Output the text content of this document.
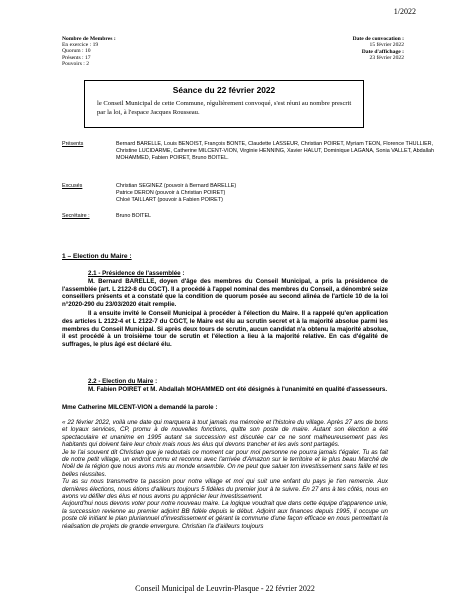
1/2022
Nombre de Membres :
En exercice : 19
Quorum : 10
Présents : 17
Pouvoirs : 2
Date de convocation :
15 février 2022
Date d'affichage :
23 février 2022
Séance du 22 février 2022
le Conseil Municipal de cette Commune, régulièrement convoqué, s'est réuni au nombre prescrit par la loi, à l'espace Jacques Rousseau.
Présents	Bernard BARELLE, Louis BENOIST, François BONTE, Claudette LASSEUR, Christian POIRET, Myriam TEON, Florence THULLIER, Christine LUCIDARME, Catherine MILCENT-VION, Virginie HENNING, Xavier HALUT, Dominique LAGANA, Sonia VALLET, Abdallah MOHAMMED, Fabien POIRET, Bruno BOITEL.
Excusés	Christian SEGINEZ (pouvoir à Bernard BARELLE)
Patrice DERON (pouvoir à Christian POIRET)
Chloé TAILLART (pouvoir à Fabien POIRET)
Secrétaire :	Bruno BOITEL
1 – Election du Maire :
2.1 - Présidence de l'assemblée :
M. Bernard BARELLE, doyen d'âge des membres du Conseil Municipal, a pris la présidence de l'assemblée (art. L 2122-8 du CGCT). Il a procédé à l'appel nominal des membres du Conseil, a dénombré seize conseillers présents et a constaté que la condition de quorum posée au second alinéa de l'article 10 de la loi n°2020-290 du 23/03/2020 était remplie.
Il a ensuite invité le Conseil Municipal à procéder à l'élection du Maire. Il a rappelé qu'en application des articles L 2122-4 et L 2122-7 du CGCT, le Maire est élu au scrutin secret et à la majorité absolue parmi les membres du Conseil Municipal. Si après deux tours de scrutin, aucun candidat n'a obtenu la majorité absolue, il est procédé à un troisième tour de scrutin et l'élection a lieu à la majorité relative. En cas d'égalité de suffrages, le plus âgé est déclaré élu.
2.2 - Election du Maire :
M. Fabien POIRET et M. Abdallah MOHAMMED ont été désignés à l'unanimité en qualité d'assesseurs.
Mme Catherine MILCENT-VION a demandé la parole :
« 22 février 2022, voilà une date qui marquera à tout jamais ma mémoire et l'histoire du village. Après 27 ans de bons et loyaux services, CP, promu à de nouvelles fonctions, quitte son poste de maire. Autant son élection a été spectaculaire et unanime en 1995 autant sa succession est discutée car ce ne sont malheureusement pas les habitants qui doivent faire leur choix mais nous les élus qui devons trancher et les avis sont partagés.
Je te l'ai souvent dit Christian que je redoutais ce moment car pour moi personne ne pourra jamais t'égaler. Tu as fait de notre petit village, un endroit connu et reconnu avec l'arrivée d'Amazon sur le territoire et le plus beau Marché de Noël de la région que nous avons mis au monde ensemble. On ne peut que saluer ton investissement sans faille et tes belles réussites.
Tu as su nous transmettre ta passion pour notre village et moi qui suit une enfant du pays je t'en remercie. Aux dernières élections, nous étions d'ailleurs toujours 5 fidèles du premier jour à te suivre. En 27 ans à tes côtés, nous en avons vu défiler des élus et nous avons pu apprécier leur investissement.
Aujourd'hui nous devons voter pour notre nouveau maire. La logique voudrait que dans cette équipe d'apparence unie, la succession revienne au premier adjoint BB fidèle depuis le début. Adjoint aux finances depuis 1995, il occupe un poste clé initiant le plan pluriannuel d'investissement et gérant la commune d'une façon efficace en nous permettant la réalisation de projets de grande envergure. Christian l'a d'ailleurs toujours
Conseil Municipal de Leuvrin-Plasque - 22 février 2022
